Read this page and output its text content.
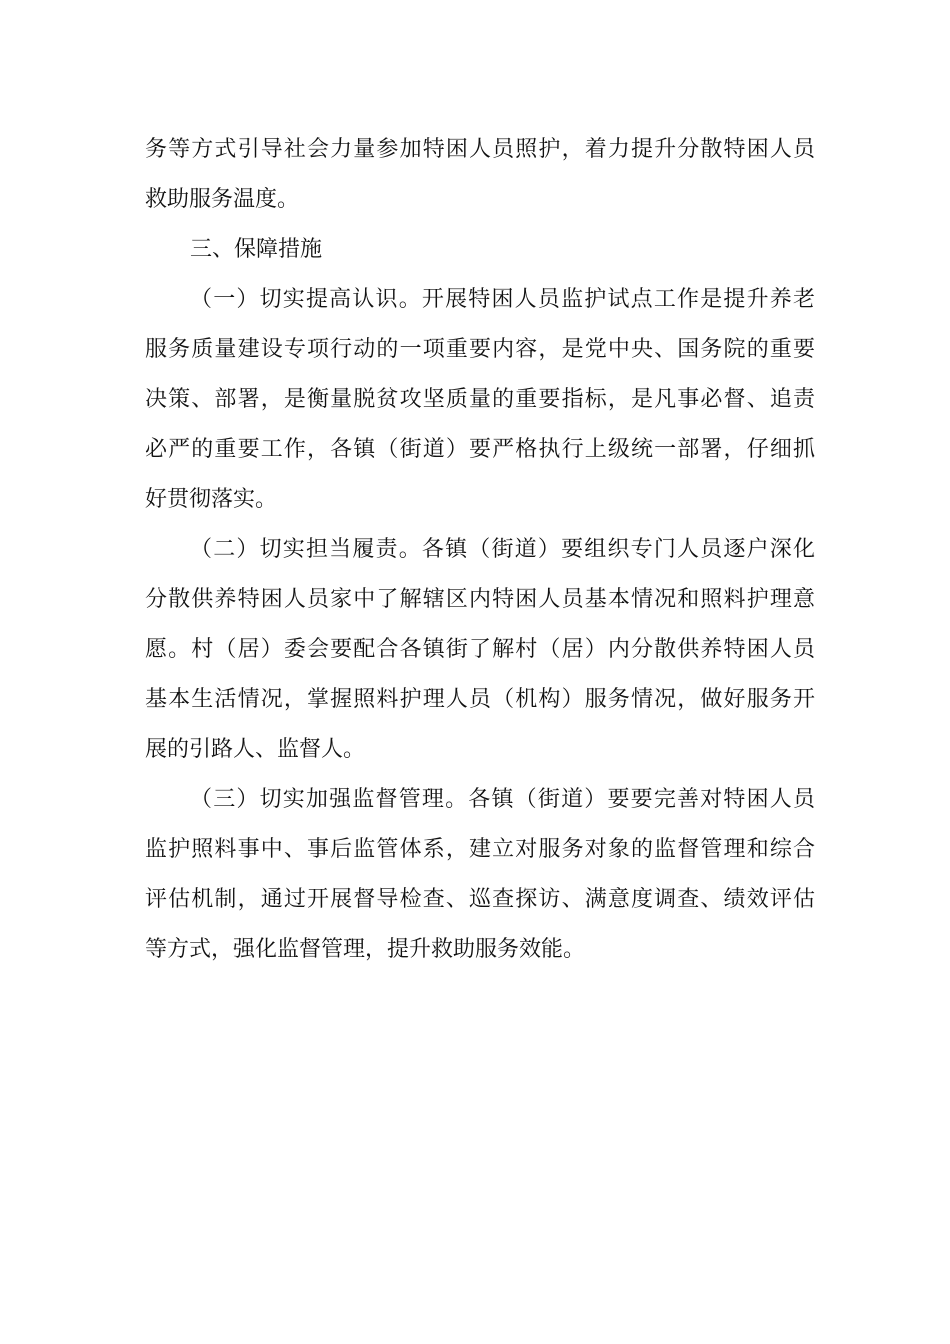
务等方式引导社会力量参加特困人员照护，着力提升分散特困人员
救助服务温度。
三、保障措施
（一）切实提高认识。开展特困人员监护试点工作是提升养老
服务质量建设专项行动的一项重要内容，是党中央、国务院的重要
决策、部署，是衡量脱贫攻坚质量的重要指标，是凡事必督、追责
必严的重要工作，各镇（街道）要严格执行上级统一部署，仔细抓
好贯彻落实。
（二）切实担当履责。各镇（街道）要组织专门人员逐户深化
分散供养特困人员家中了解辖区内特困人员基本情况和照料护理意
愿。村（居）委会要配合各镇街了解村（居）内分散供养特困人员
基本生活情况，掌握照料护理人员（机构）服务情况，做好服务开
展的引路人、监督人。
（三）切实加强监督管理。各镇（街道）要要完善对特困人员
监护照料事中、事后监管体系，建立对服务对象的监督管理和综合
评估机制，通过开展督导检查、巡查探访、满意度调查、绩效评估
等方式，强化监督管理，提升救助服务效能。
